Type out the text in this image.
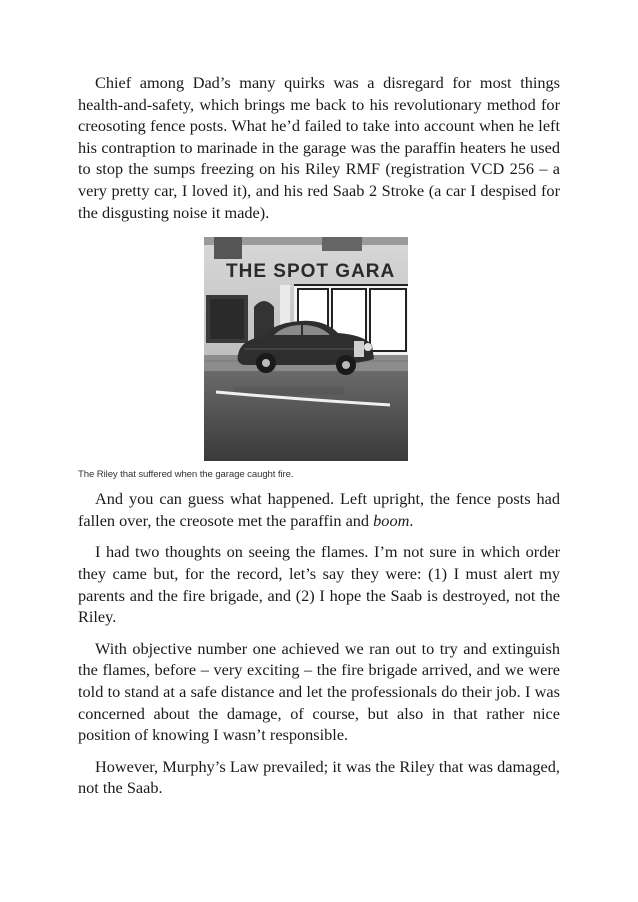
Chief among Dad’s many quirks was a disregard for most things health-and-safety, which brings me back to his revolutionary method for creosoting fence posts. What he’d failed to take into account when he left his contraption to marinade in the garage was the paraffin heaters he used to stop the sumps freezing on his Riley RMF (registration VCD 256 – a very pretty car, I loved it), and his red Saab 2 Stroke (a car I despised for the disgusting noise it made).

THE SPOT GARA
The Riley that suffered when the garage caught fire.

And you can guess what happened. Left upright, the fence posts had fallen over, the creosote met the paraffin and boom.

I had two thoughts on seeing the flames. I’m not sure in which order they came but, for the record, let’s say they were: (1) I must alert my parents and the fire brigade, and (2) I hope the Saab is destroyed, not the Riley.

With objective number one achieved we ran out to try and extinguish the flames, before – very exciting – the fire brigade arrived, and we were told to stand at a safe distance and let the professionals do their job. I was concerned about the damage, of course, but also in that rather nice position of knowing I wasn’t responsible.

However, Murphy’s Law prevailed; it was the Riley that was damaged, not the Saab.
